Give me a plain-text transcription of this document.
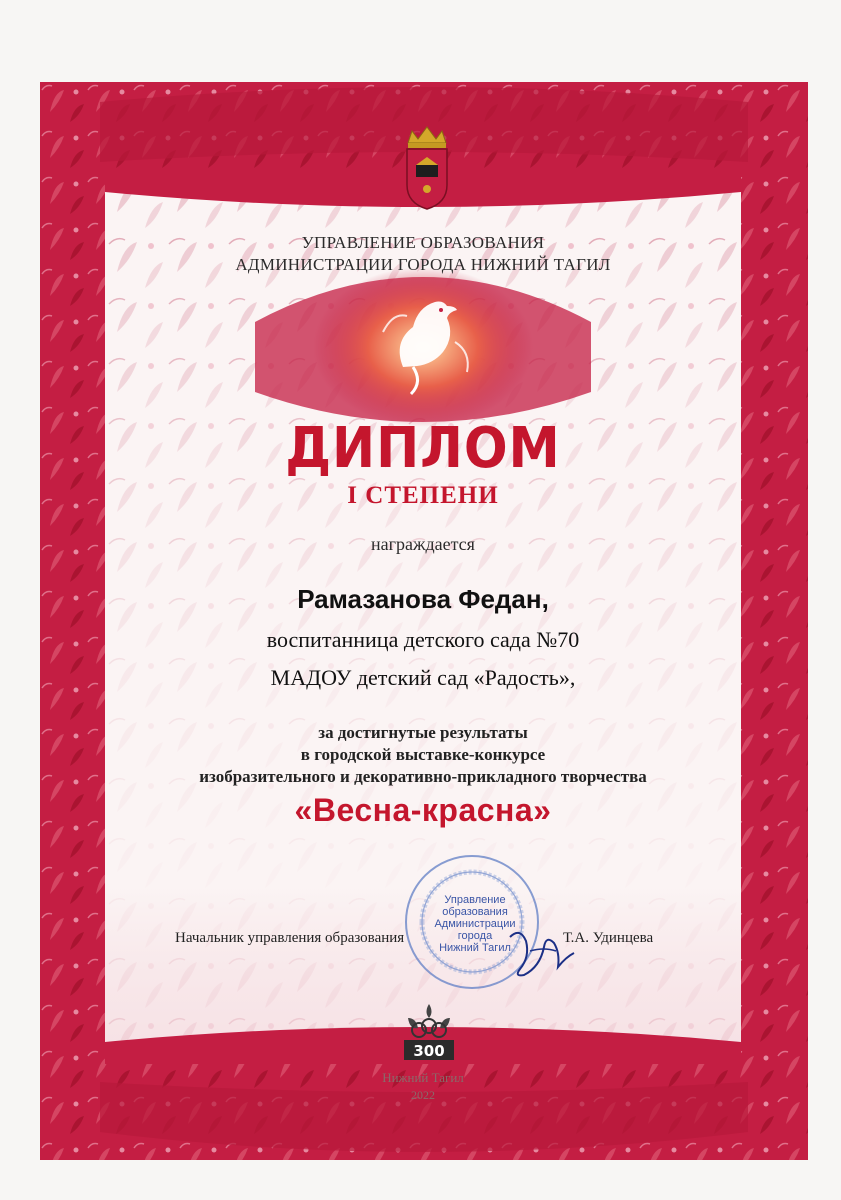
УПРАВЛЕНИЕ ОБРАЗОВАНИЯ
АДМИНИСТРАЦИИ ГОРОДА НИЖНИЙ ТАГИЛ
ДИПЛОМ
I СТЕПЕНИ
награждается
Рамазанова Федан,
воспитанница детского сада №70
МАДОУ детский сад «Радость»,
за достигнутые результаты
в городской выставке-конкурсе
изобразительного и декоративно-прикладного творчества
«Весна-красна»
Управление
образования
Администрации
города
Нижний Тагил
Начальник управления образования	Т.А. Удинцева
Нижний Тагил
2022
300
